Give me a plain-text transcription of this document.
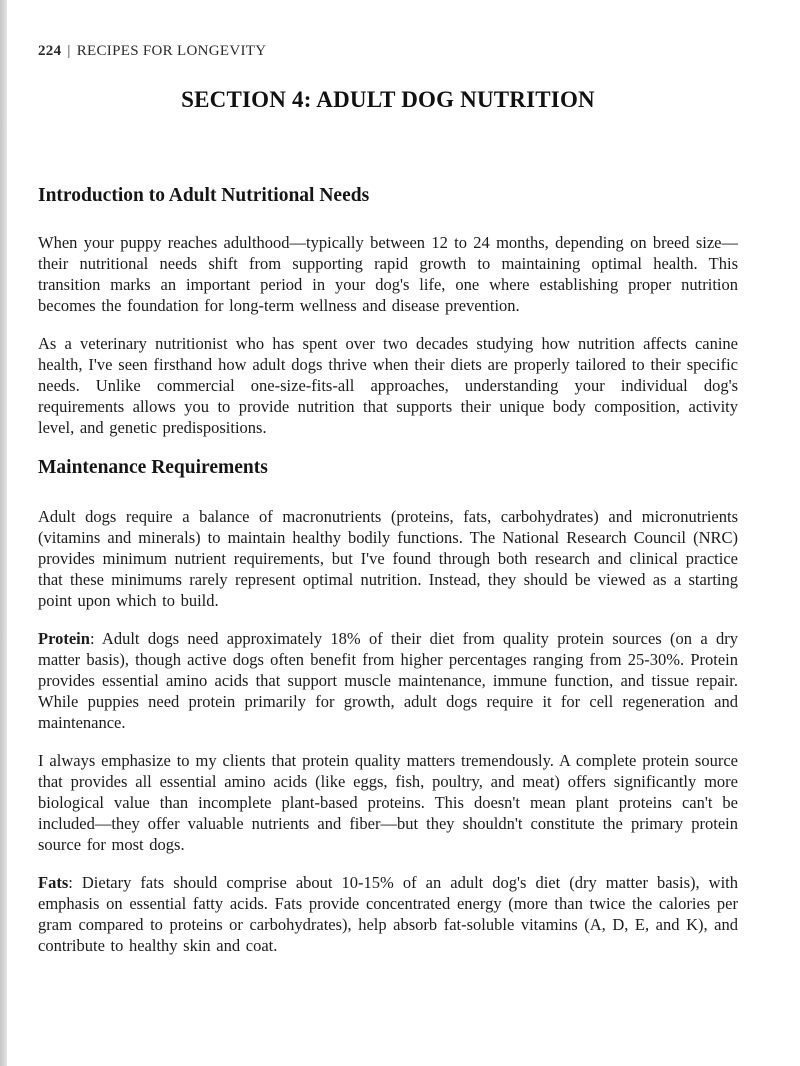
224 | RECIPES FOR LONGEVITY
SECTION 4: ADULT DOG NUTRITION
Introduction to Adult Nutritional Needs

When your puppy reaches adulthood—typically between 12 to 24 months, depending on breed size—their nutritional needs shift from supporting rapid growth to maintaining optimal health. This transition marks an important period in your dog's life, one where establishing proper nutrition becomes the foundation for long-term wellness and disease prevention.

As a veterinary nutritionist who has spent over two decades studying how nutrition affects canine health, I've seen firsthand how adult dogs thrive when their diets are properly tailored to their specific needs. Unlike commercial one-size-fits-all approaches, understanding your individual dog's requirements allows you to provide nutrition that supports their unique body composition, activity level, and genetic predispositions.

Maintenance Requirements

Adult dogs require a balance of macronutrients (proteins, fats, carbohydrates) and micronutrients (vitamins and minerals) to maintain healthy bodily functions. The National Research Council (NRC) provides minimum nutrient requirements, but I've found through both research and clinical practice that these minimums rarely represent optimal nutrition. Instead, they should be viewed as a starting point upon which to build.

Protein: Adult dogs need approximately 18% of their diet from quality protein sources (on a dry matter basis), though active dogs often benefit from higher percentages ranging from 25-30%. Protein provides essential amino acids that support muscle maintenance, immune function, and tissue repair. While puppies need protein primarily for growth, adult dogs require it for cell regeneration and maintenance.

I always emphasize to my clients that protein quality matters tremendously. A complete protein source that provides all essential amino acids (like eggs, fish, poultry, and meat) offers significantly more biological value than incomplete plant-based proteins. This doesn't mean plant proteins can't be included—they offer valuable nutrients and fiber—but they shouldn't constitute the primary protein source for most dogs.

Fats: Dietary fats should comprise about 10-15% of an adult dog's diet (dry matter basis), with emphasis on essential fatty acids. Fats provide concentrated energy (more than twice the calories per gram compared to proteins or carbohydrates), help absorb fat-soluble vitamins (A, D, E, and K), and contribute to healthy skin and coat.
